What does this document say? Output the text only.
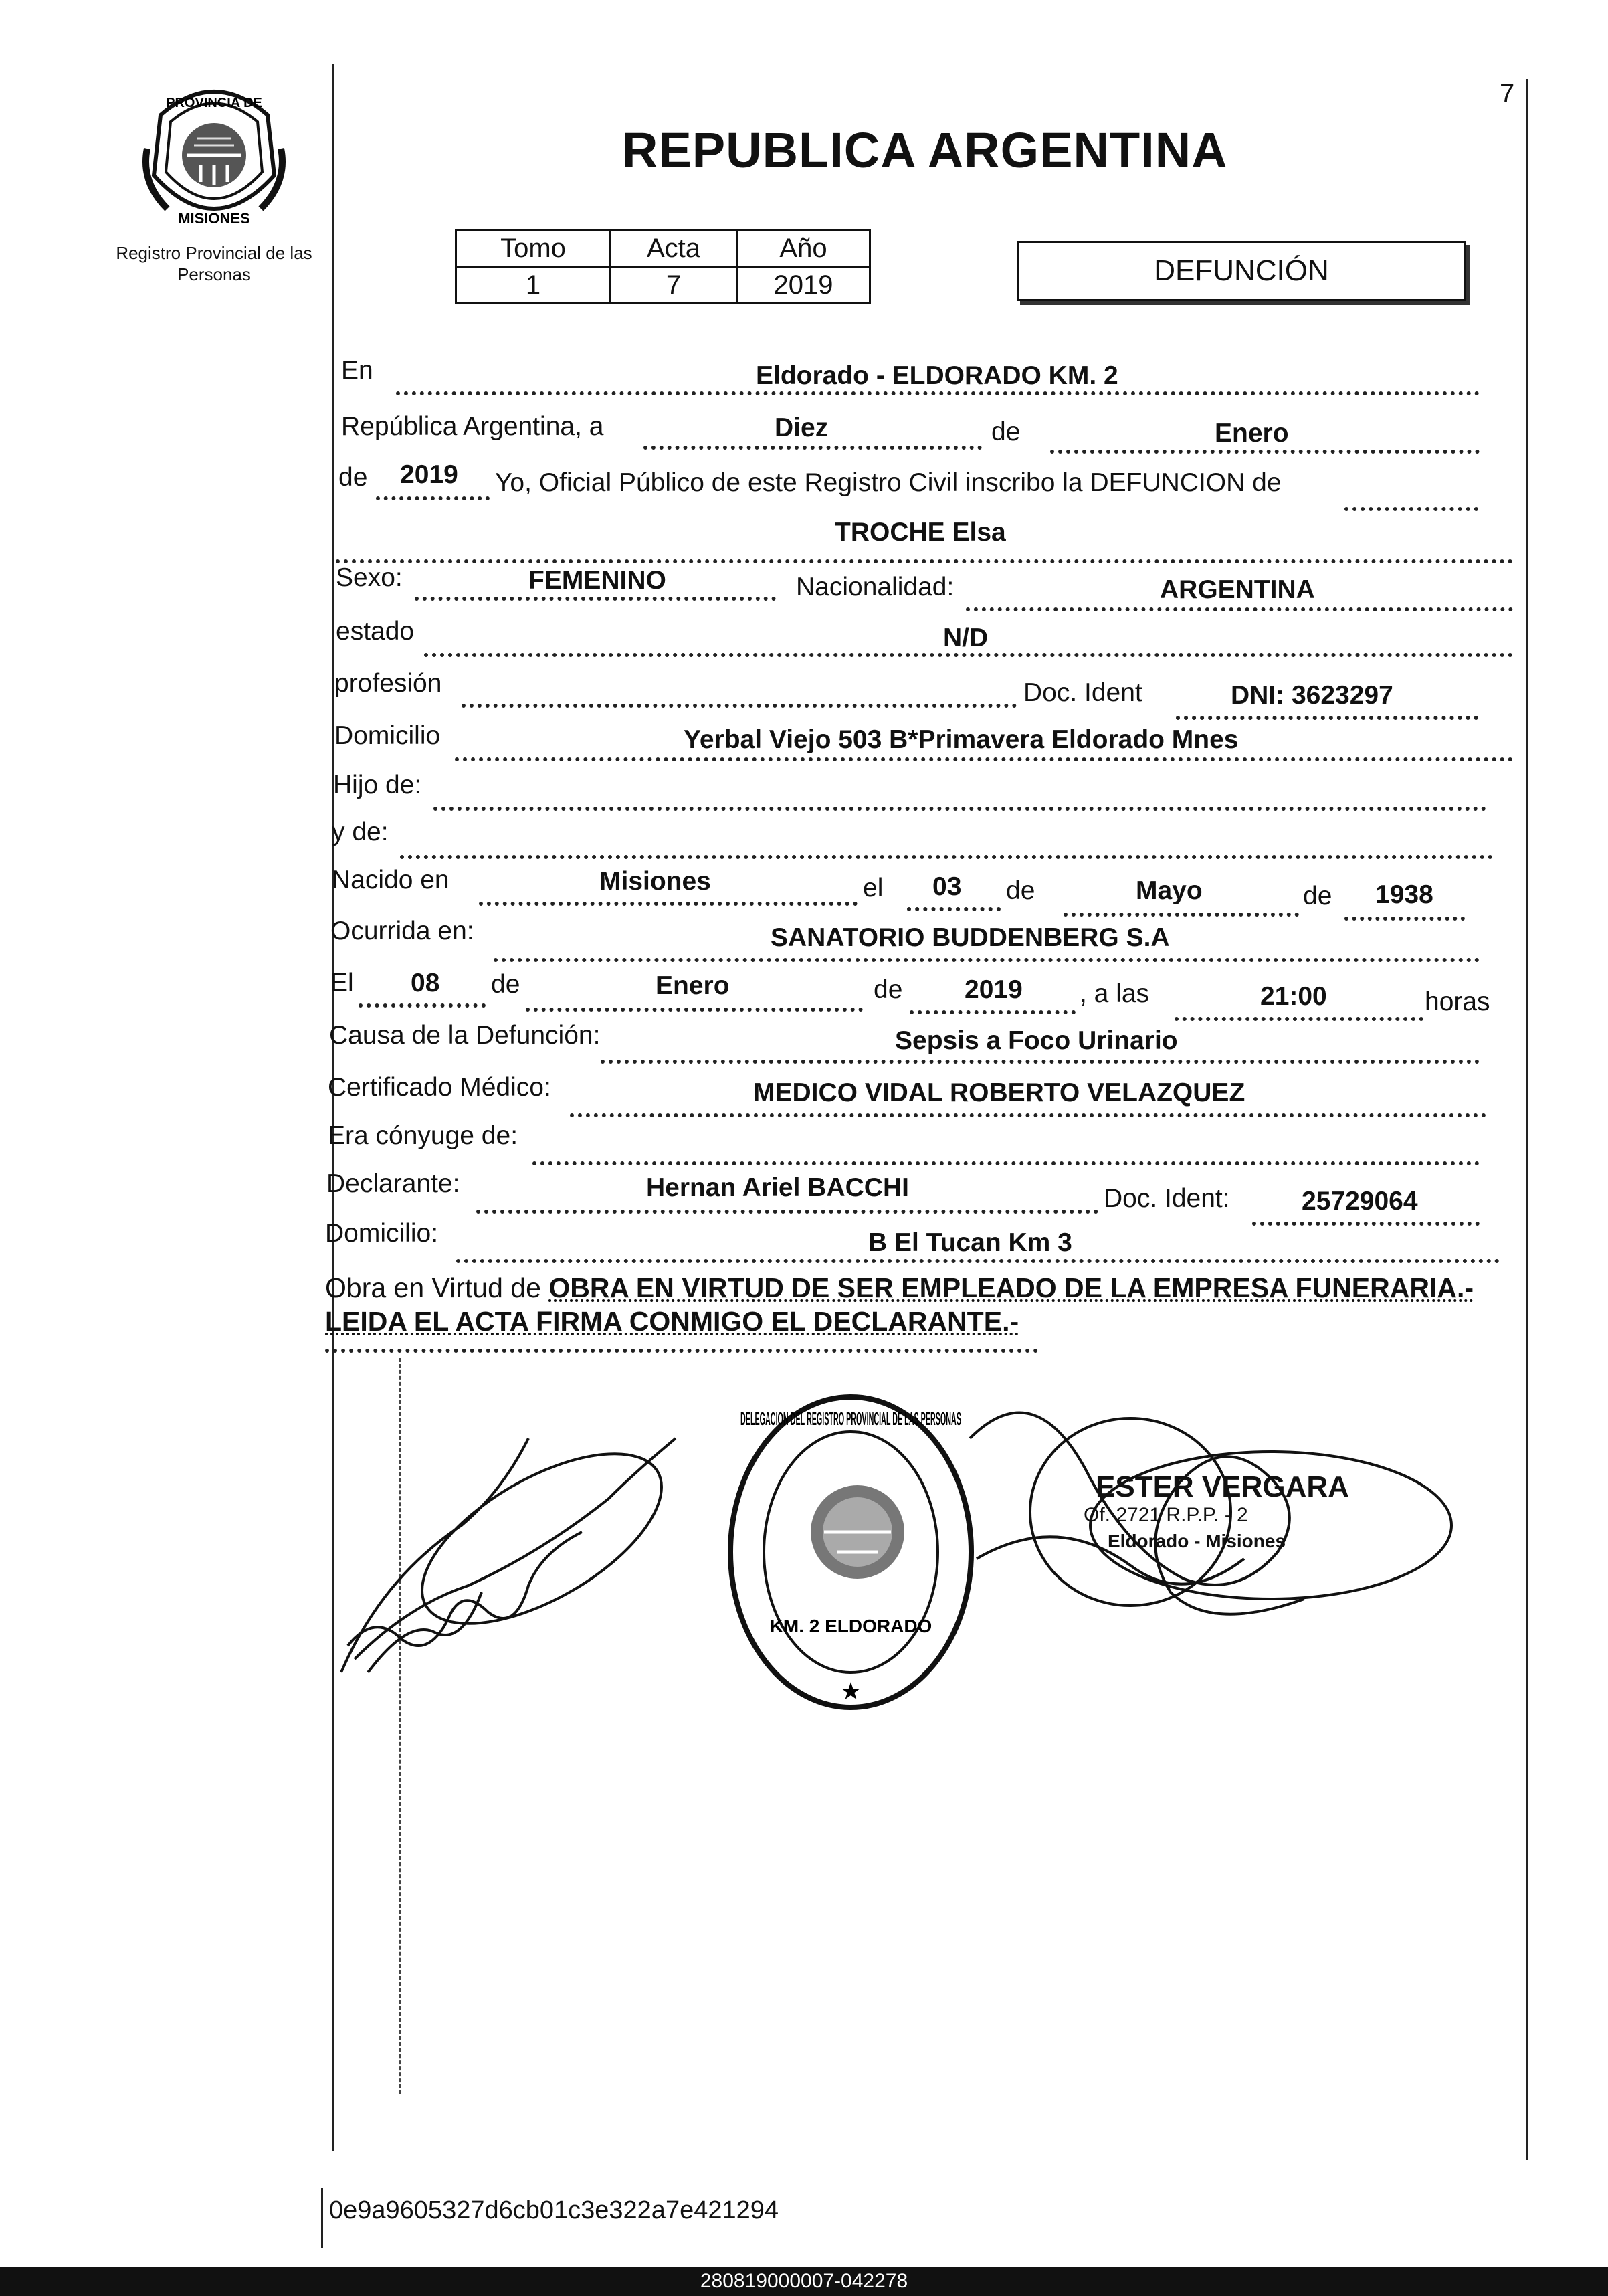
7
PROVINCIA DE
MISIONES
Registro Provincial de las Personas
REPUBLICA ARGENTINA
Tomo	Acta	Año
1	7	2019	DEFUNCIÓN
En	Eldorado - ELDORADO KM. 2
República Argentina, a	Diez	de	Enero
de 2019 Yo, Oficial Público de este Registro Civil inscribo la DEFUNCION de
TROCHE Elsa
Sexo:	FEMENINO	Nacionalidad:	ARGENTINA
estado	N/D
profesión	Doc. Ident	DNI: 3623297
Domicilio	Yerbal Viejo 503 B*Primavera Eldorado Mnes
Hijo de:
y de:
Nacido en	Misiones	el 03 de	Mayo	de 1938
Ocurrida en:	SANATORIO BUDDENBERG S.A
El 08 de	Enero	de 2019 , a las	21:00	horas
Causa de la Defunción:	Sepsis a Foco Urinario
Certificado Médico:	MEDICO VIDAL ROBERTO VELAZQUEZ
Era cónyuge de:
Declarante:	Hernan Ariel BACCHI	Doc. Ident:	25729064
Domicilio:	B El Tucan Km 3
Obra en Virtud de OBRA EN VIRTUD DE SER EMPLEADO DE LA EMPRESA FUNERARIA.-
LEIDA EL ACTA FIRMA CONMIGO EL DECLARANTE.-
DELEGACION DEL REGISTRO PROVINCIAL DE LAS PERSONAS
KM. 2 ELDORADO
★
ESTER VERGARA
Of. 2721 R.P.P. - 2
Eldorado - Misiones
0e9a9605327d6cb01c3e322a7e421294
280819000007-042278
